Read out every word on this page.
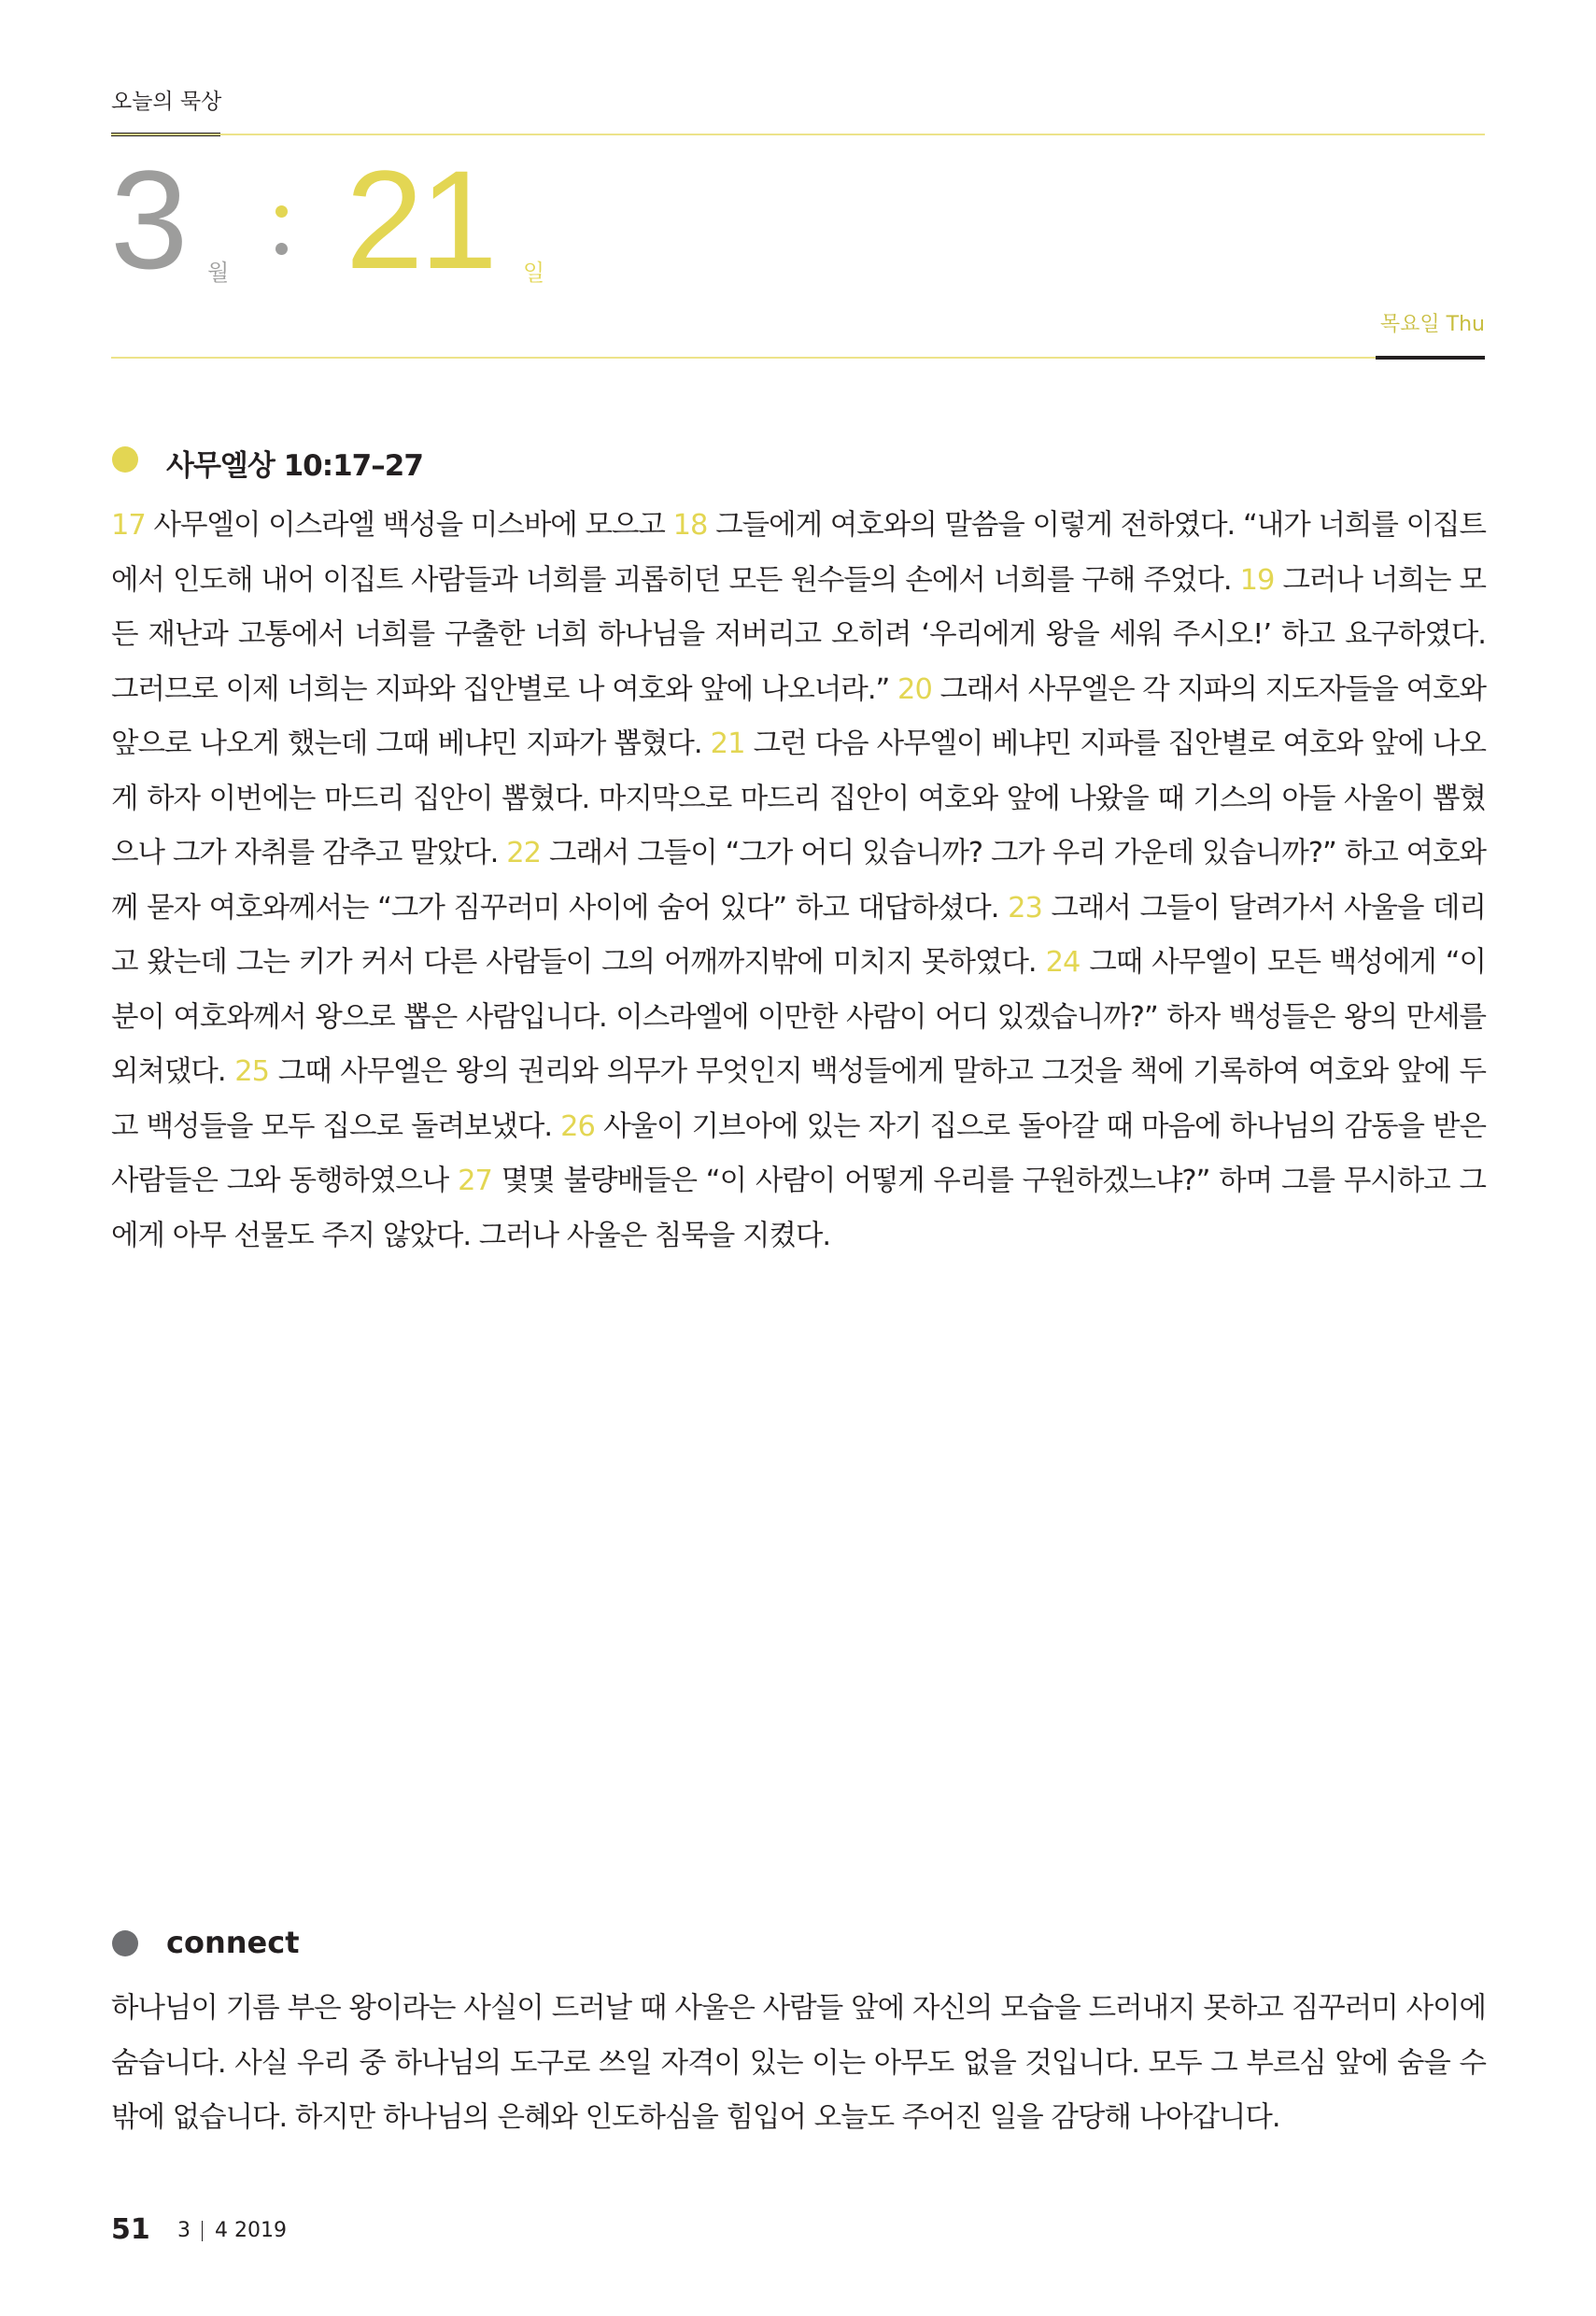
오늘의 묵상
3 월 21 일
목요일 Thu
사무엘상 10:17–27
17 사무엘이 이스라엘 백성을 미스바에 모으고 18 그들에게 여호와의 말씀을 이렇게 전하였다. “내가 너희를 이집트에서 인도해 내어 이집트 사람들과 너희를 괴롭히던 모든 원수들의 손에서 너희를 구해 주었다. 19 그러나 너희는 모든 재난과 고통에서 너희를 구출한 너희 하나님을 저버리고 오히려 ‘우리에게 왕을 세워 주시오!’ 하고 요구하였다. 그러므로 이제 너희는 지파와 집안별로 나 여호와 앞에 나오너라.” 20 그래서 사무엘은 각 지파의 지도자들을 여호와 앞으로 나오게 했는데 그때 베냐민 지파가 뽑혔다. 21 그런 다음 사무엘이 베냐민 지파를 집안별로 여호와 앞에 나오게 하자 이번에는 마드리 집안이 뽑혔다. 마지막으로 마드리 집안이 여호와 앞에 나왔을 때 기스의 아들 사울이 뽑혔으나 그가 자취를 감추고 말았다. 22 그래서 그들이 “그가 어디 있습니까? 그가 우리 가운데 있습니까?” 하고 여호와께 묻자 여호와께서는 “그가 짐꾸러미 사이에 숨어 있다” 하고 대답하셨다. 23 그래서 그들이 달려가서 사울을 데리고 왔는데 그는 키가 커서 다른 사람들이 그의 어깨까지밖에 미치지 못하였다. 24 그때 사무엘이 모든 백성에게 “이 분이 여호와께서 왕으로 뽑은 사람입니다. 이스라엘에 이만한 사람이 어디 있겠습니까?” 하자 백성들은 왕의 만세를 외쳐댔다. 25 그때 사무엘은 왕의 권리와 의무가 무엇인지 백성들에게 말하고 그것을 책에 기록하여 여호와 앞에 두고 백성들을 모두 집으로 돌려보냈다. 26 사울이 기브아에 있는 자기 집으로 돌아갈 때 마음에 하나님의 감동을 받은 사람들은 그와 동행하였으나 27 몇몇 불량배들은 “이 사람이 어떻게 우리를 구원하겠느냐?” 하며 그를 무시하고 그에게 아무 선물도 주지 않았다. 그러나 사울은 침묵을 지켰다.
connect
하나님이 기름 부은 왕이라는 사실이 드러날 때 사울은 사람들 앞에 자신의 모습을 드러내지 못하고 짐꾸러미 사이에 숨습니다. 사실 우리 중 하나님의 도구로 쓰일 자격이 있는 이는 아무도 없을 것입니다. 모두 그 부르심 앞에 숨을 수밖에 없습니다. 하지만 하나님의 은혜와 인도하심을 힘입어 오늘도 주어진 일을 감당해 나아갑니다.
51 3 4 2019
